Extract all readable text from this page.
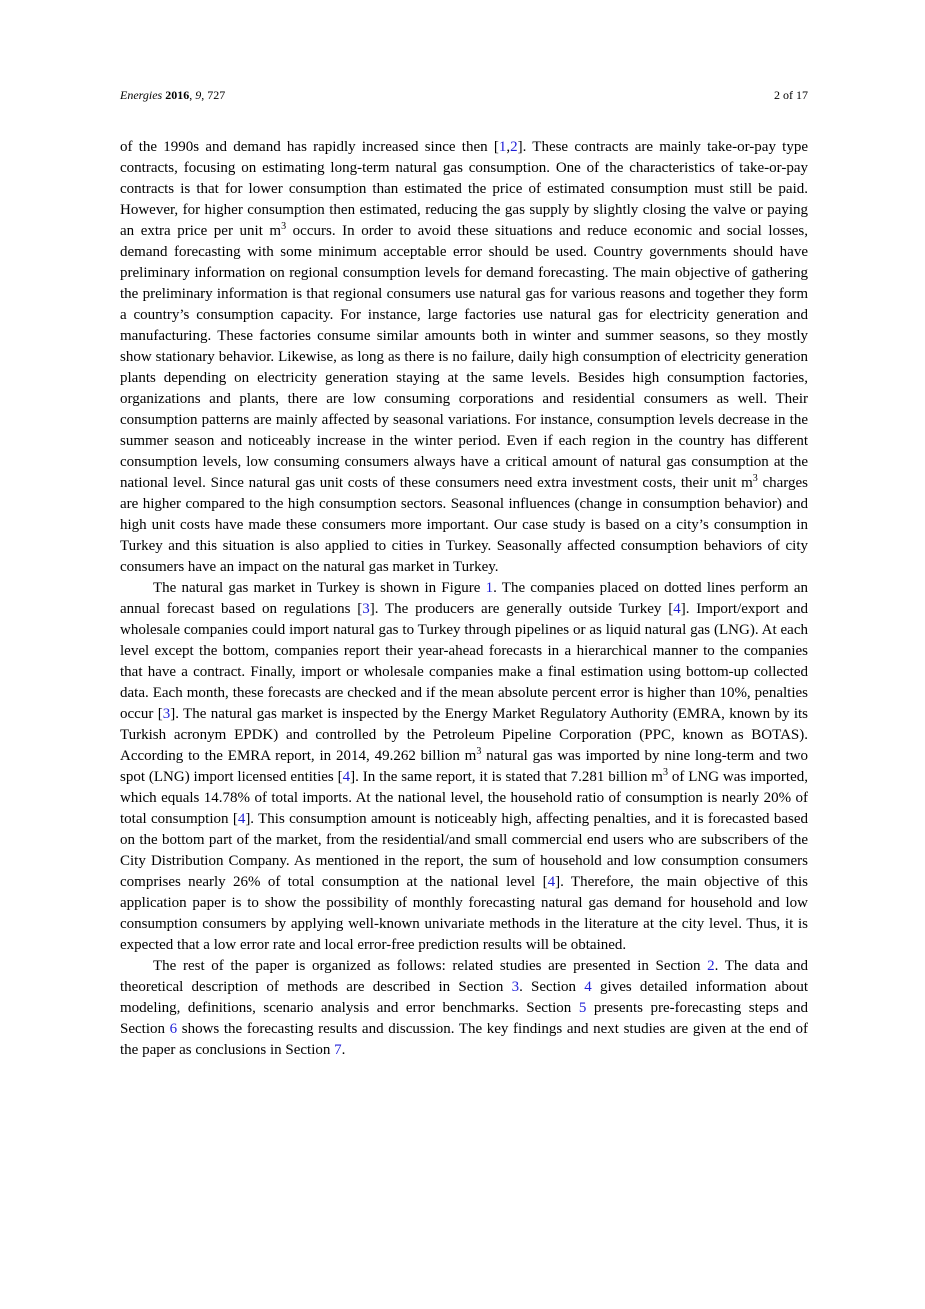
Energies 2016, 9, 727	2 of 17

of the 1990s and demand has rapidly increased since then [1,2]. These contracts are mainly take-or-pay type contracts, focusing on estimating long-term natural gas consumption. One of the characteristics of take-or-pay contracts is that for lower consumption than estimated the price of estimated consumption must still be paid. However, for higher consumption then estimated, reducing the gas supply by slightly closing the valve or paying an extra price per unit $m^3$ occurs. In order to avoid these situations and reduce economic and social losses, demand forecasting with some minimum acceptable error should be used. Country governments should have preliminary information on regional consumption levels for demand forecasting. The main objective of gathering the preliminary information is that regional consumers use natural gas for various reasons and together they form a country’s consumption capacity. For instance, large factories use natural gas for electricity generation and manufacturing. These factories consume similar amounts both in winter and summer seasons, so they mostly show stationary behavior. Likewise, as long as there is no failure, daily high consumption of electricity generation plants depending on electricity generation staying at the same levels. Besides high consumption factories, organizations and plants, there are low consuming corporations and residential consumers as well. Their consumption patterns are mainly affected by seasonal variations. For instance, consumption levels decrease in the summer season and noticeably increase in the winter period. Even if each region in the country has different consumption levels, low consuming consumers always have a critical amount of natural gas consumption at the national level. Since natural gas unit costs of these consumers need extra investment costs, their unit $m^3$ charges are higher compared to the high consumption sectors. Seasonal influences (change in consumption behavior) and high unit costs have made these consumers more important. Our case study is based on a city’s consumption in Turkey and this situation is also applied to cities in Turkey. Seasonally affected consumption behaviors of city consumers have an impact on the natural gas market in Turkey.

The natural gas market in Turkey is shown in Figure 1. The companies placed on dotted lines perform an annual forecast based on regulations [3]. The producers are generally outside Turkey [4]. Import/export and wholesale companies could import natural gas to Turkey through pipelines or as liquid natural gas (LNG). At each level except the bottom, companies report their year-ahead forecasts in a hierarchical manner to the companies that have a contract. Finally, import or wholesale companies make a final estimation using bottom-up collected data. Each month, these forecasts are checked and if the mean absolute percent error is higher than 10%, penalties occur [3]. The natural gas market is inspected by the Energy Market Regulatory Authority (EMRA, known by its Turkish acronym EPDK) and controlled by the Petroleum Pipeline Corporation (PPC, known as BOTAS). According to the EMRA report, in 2014, 49.262 billion $m^3$ natural gas was imported by nine long-term and two spot (LNG) import licensed entities [4]. In the same report, it is stated that 7.281 billion $m^3$ of LNG was imported, which equals 14.78% of total imports. At the national level, the household ratio of consumption is nearly 20% of total consumption [4]. This consumption amount is noticeably high, affecting penalties, and it is forecasted based on the bottom part of the market, from the residential/and small commercial end users who are subscribers of the City Distribution Company. As mentioned in the report, the sum of household and low consumption consumers comprises nearly 26% of total consumption at the national level [4]. Therefore, the main objective of this application paper is to show the possibility of monthly forecasting natural gas demand for household and low consumption consumers by applying well-known univariate methods in the literature at the city level. Thus, it is expected that a low error rate and local error-free prediction results will be obtained.

The rest of the paper is organized as follows: related studies are presented in Section 2. The data and theoretical description of methods are described in Section 3. Section 4 gives detailed information about modeling, definitions, scenario analysis and error benchmarks. Section 5 presents pre-forecasting steps and Section 6 shows the forecasting results and discussion. The key findings and next studies are given at the end of the paper as conclusions in Section 7.
